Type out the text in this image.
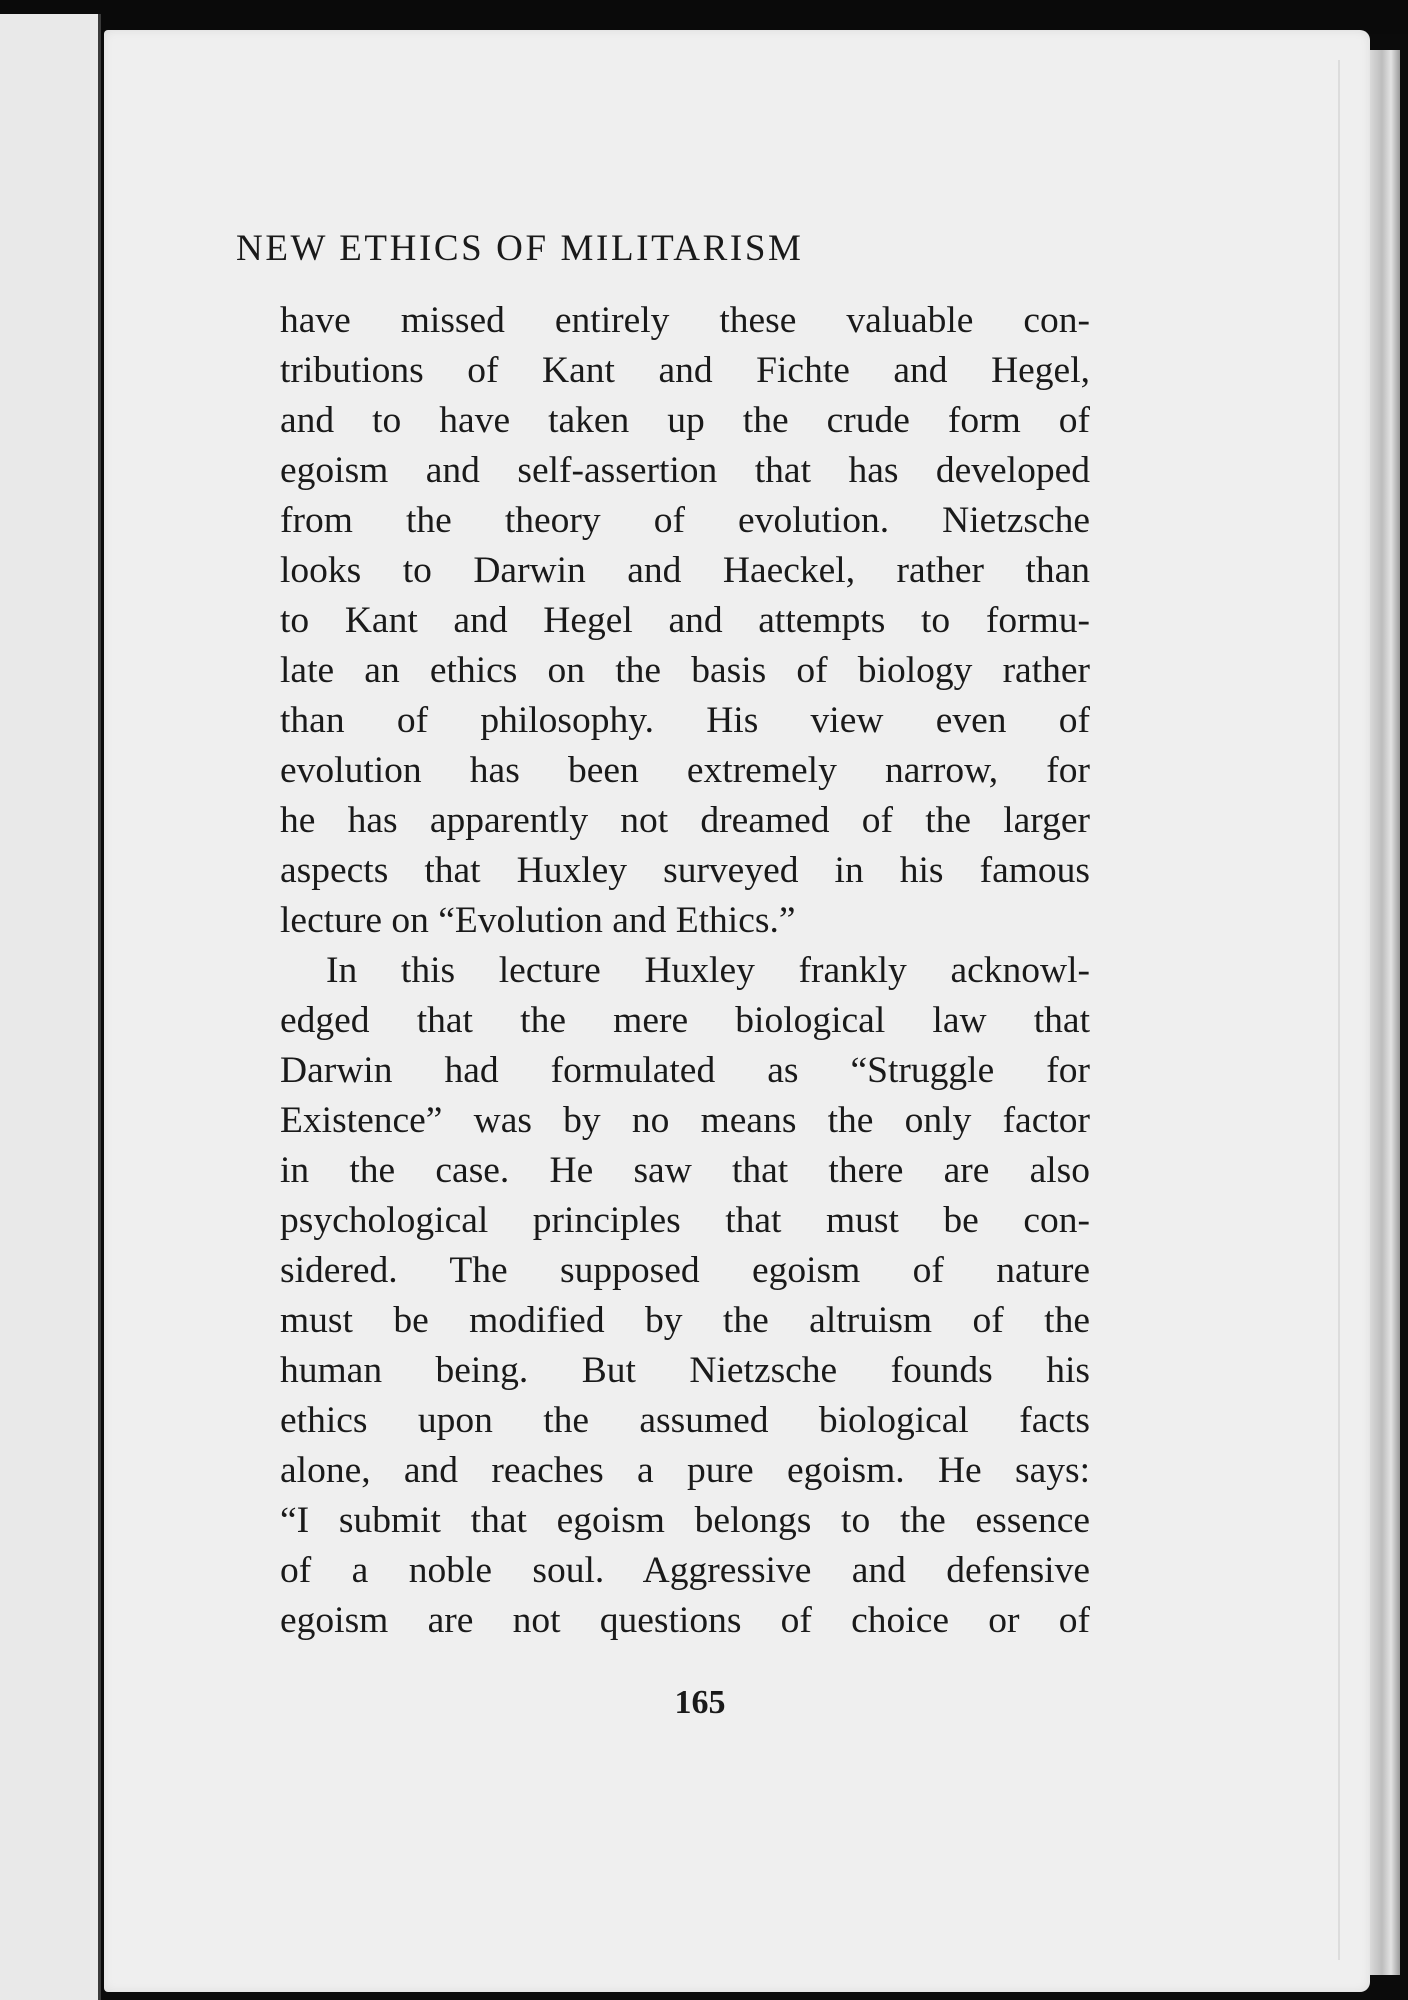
NEW ETHICS OF MILITARISM
have missed entirely these valuable con-
tributions of Kant and Fichte and Hegel,
and to have taken up the crude form of
egoism and self-assertion that has developed
from the theory of evolution. Nietzsche
looks to Darwin and Haeckel, rather than
to Kant and Hegel and attempts to formu-
late an ethics on the basis of biology rather
than of philosophy. His view even of
evolution has been extremely narrow, for
he has apparently not dreamed of the larger
aspects that Huxley surveyed in his famous
lecture on “Evolution and Ethics.”
In this lecture Huxley frankly acknowl-
edged that the mere biological law that
Darwin had formulated as “Struggle for
Existence” was by no means the only factor
in the case. He saw that there are also
psychological principles that must be con-
sidered. The supposed egoism of nature
must be modified by the altruism of the
human being. But Nietzsche founds his
ethics upon the assumed biological facts
alone, and reaches a pure egoism. He says:
“I submit that egoism belongs to the essence
of a noble soul. Aggressive and defensive
egoism are not questions of choice or of
165
